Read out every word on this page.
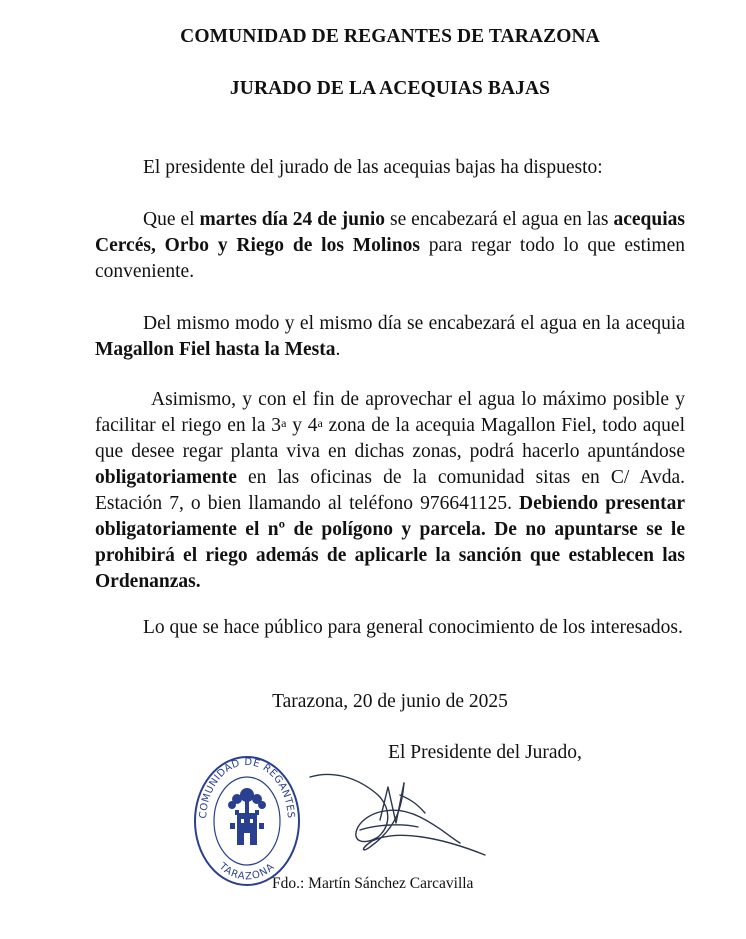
COMUNIDAD DE REGANTES DE TARAZONA
JURADO DE LA ACEQUIAS BAJAS
El presidente del jurado de las acequias bajas ha dispuesto:
Que el martes día 24 de junio se encabezará el agua en las acequias Cercés, Orbo y Riego de los Molinos para regar todo lo que estimen conveniente.
Del mismo modo y el mismo día se encabezará el agua en la acequia Magallon Fiel hasta la Mesta.
Asimismo, y con el fin de aprovechar el agua lo máximo posible y facilitar el riego en la 3$^a$ y 4$^a$ zona de la acequia Magallon Fiel, todo aquel que desee regar planta viva en dichas zonas, podrá hacerlo apuntándose obligatoriamente en las oficinas de la comunidad sitas en C/ Avda. Estación 7, o bien llamando al teléfono 976641125. Debiendo presentar obligatoriamente el nº de polígono y parcela. De no apuntarse se le prohibirá el riego además de aplicarle la sanción que establecen las Ordenanzas.
Lo que se hace público para general conocimiento de los interesados.
Tarazona, 20 de junio de 2025
El Presidente del Jurado,
COMUNIDAD DE REGANTES
TARAZONA
Fdo.: Martín Sánchez Carcavilla
